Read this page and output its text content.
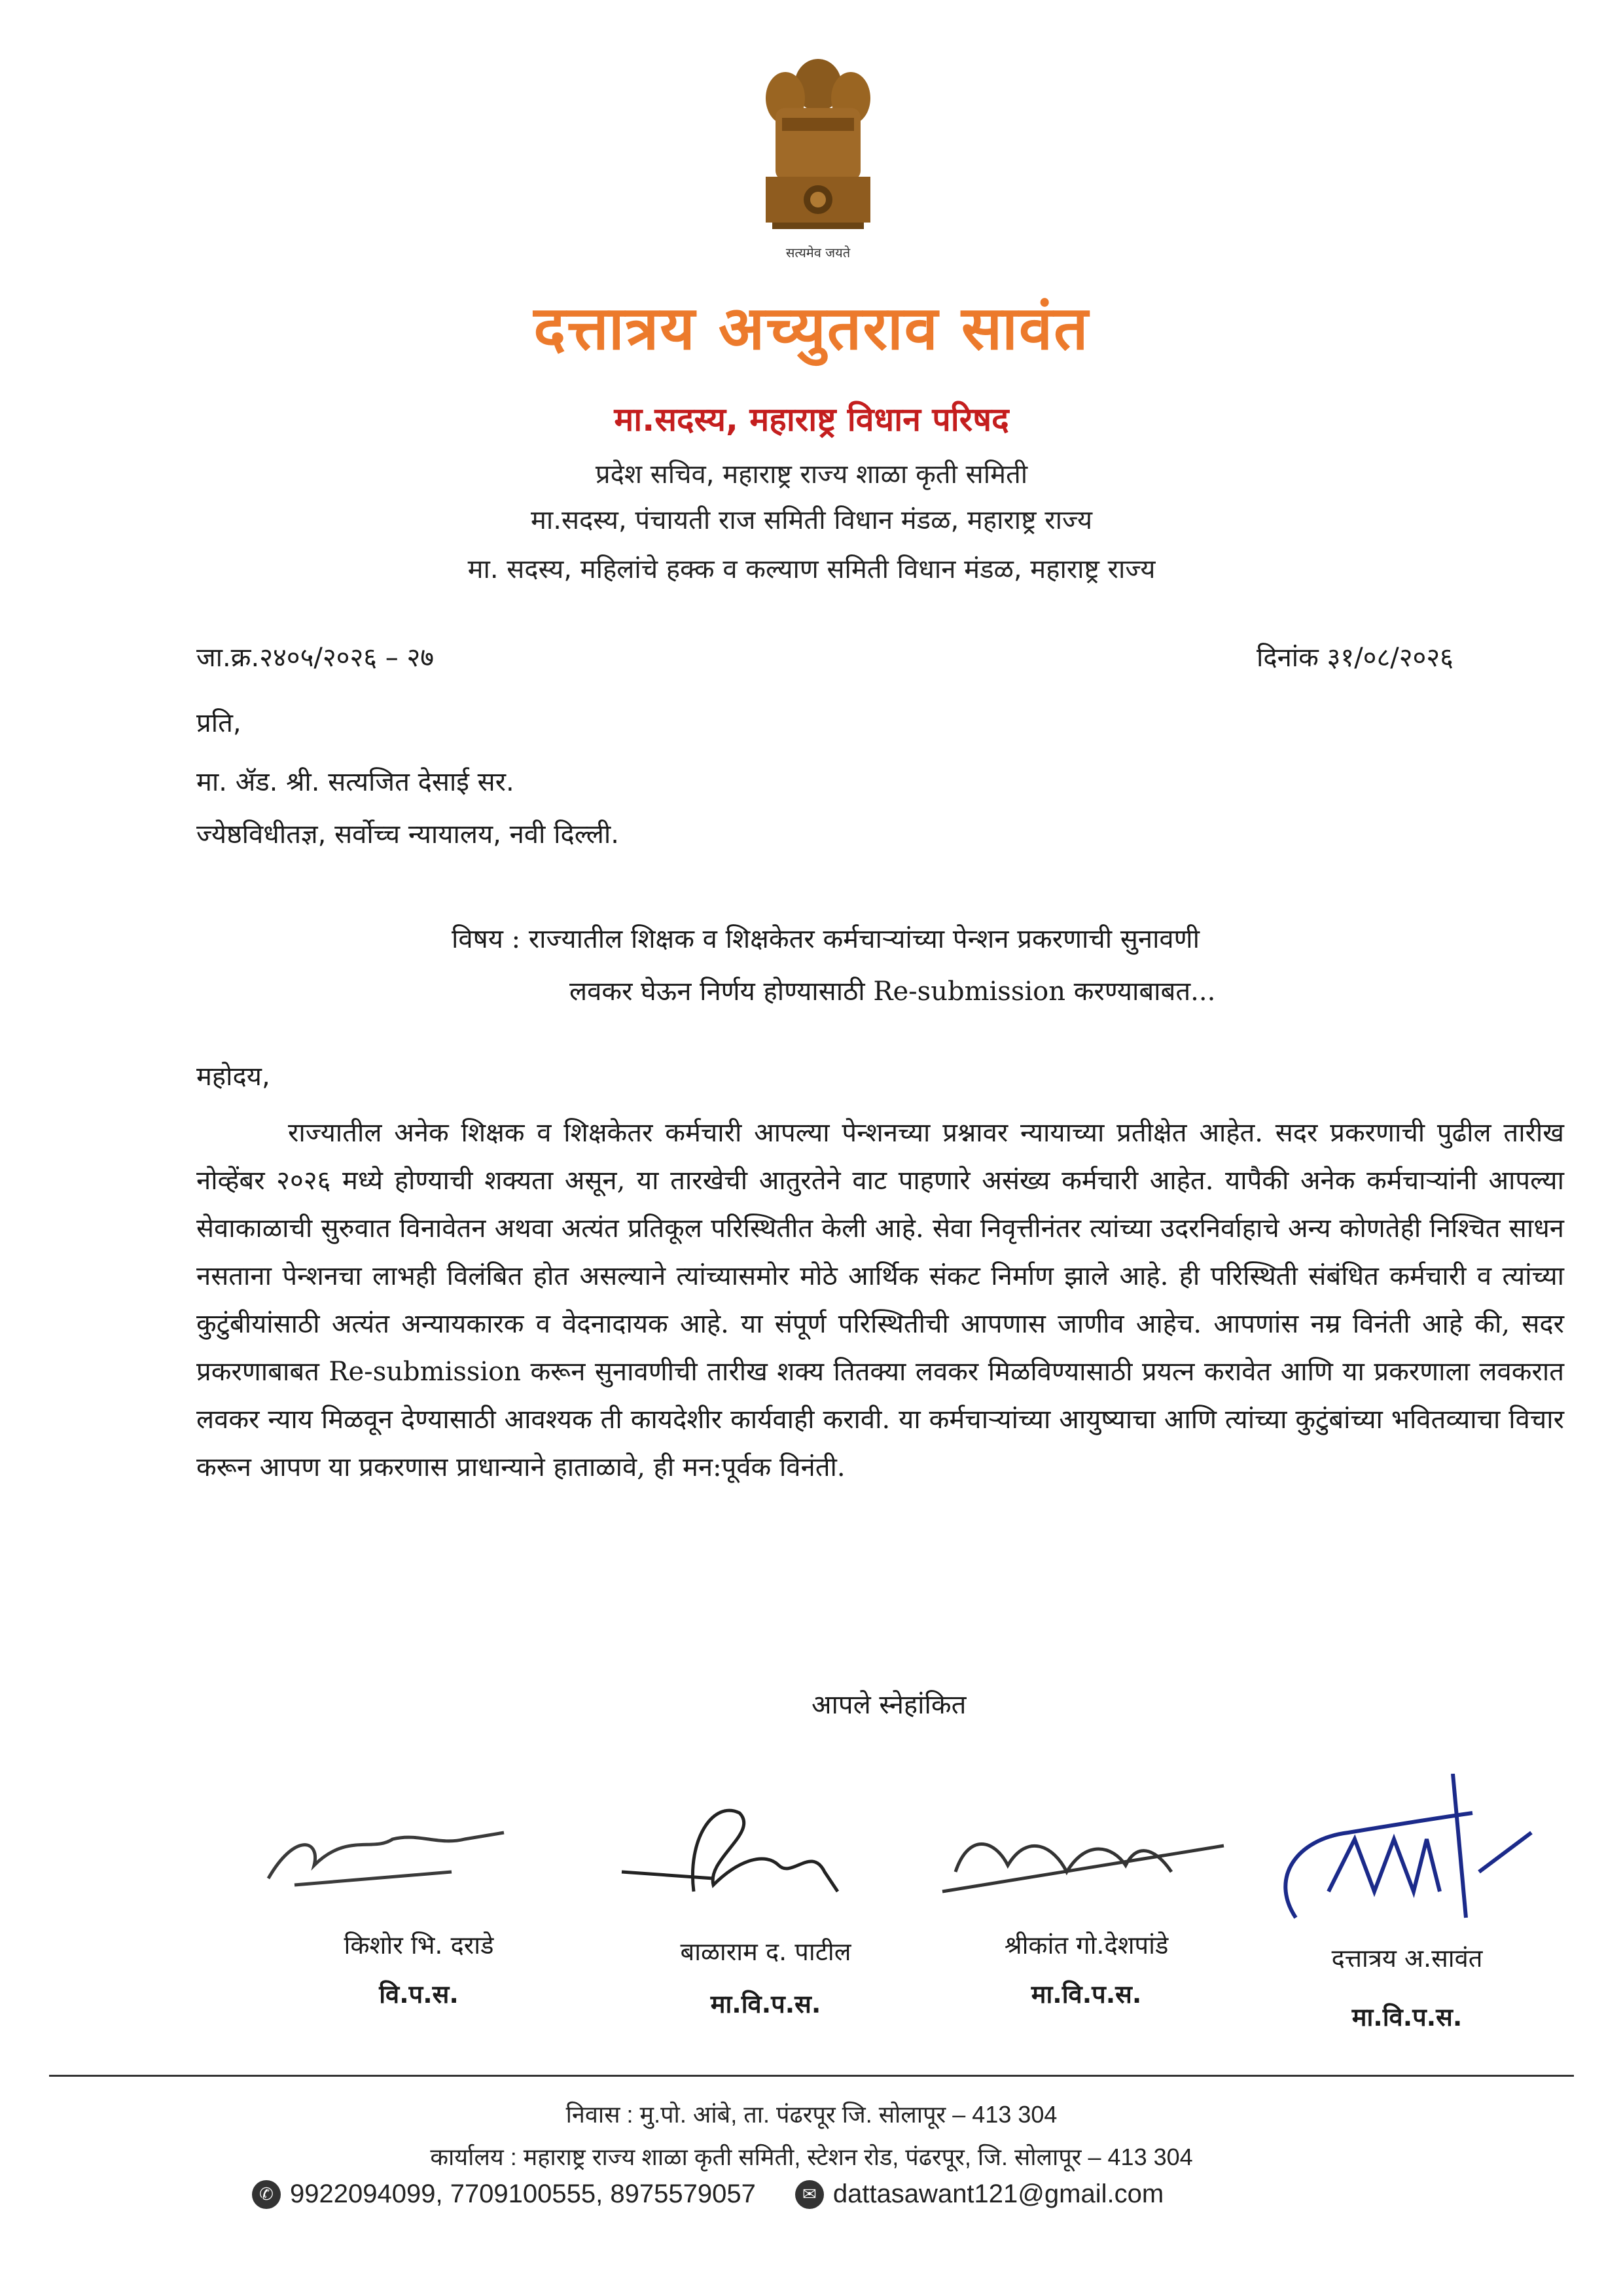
सत्यमेव जयते
दत्तात्रय अच्युतराव सावंत
मा.सदस्य, महाराष्ट्र विधान परिषद
प्रदेश सचिव, महाराष्ट्र राज्य शाळा कृती समिती
मा.सदस्य, पंचायती राज समिती विधान मंडळ, महाराष्ट्र राज्य
मा. सदस्य, महिलांचे हक्क व कल्याण समिती विधान मंडळ, महाराष्ट्र राज्य
जा.क्र.२४०५/२०२६ – २७	दिनांक ३१/०८/२०२६
प्रति,
मा. ॲड. श्री. सत्यजित देसाई सर.
ज्येष्ठविधीतज्ञ, सर्वोच्च न्यायालय, नवी दिल्ली.
विषय : राज्यातील शिक्षक व शिक्षकेतर कर्मचाऱ्यांच्या पेन्शन प्रकरणाची सुनावणी
लवकर घेऊन निर्णय होण्यासाठी Re-submission करण्याबाबत...
महोदय,
राज्यातील अनेक शिक्षक व शिक्षकेतर कर्मचारी आपल्या पेन्शनच्या प्रश्नावर न्यायाच्या प्रतीक्षेत आहेत. सदर प्रकरणाची पुढील तारीख नोव्हेंबर २०२६ मध्ये होण्याची शक्यता असून, या तारखेची आतुरतेने वाट पाहणारे असंख्य कर्मचारी आहेत. यापैकी अनेक कर्मचाऱ्यांनी आपल्या सेवाकाळाची सुरुवात विनावेतन अथवा अत्यंत प्रतिकूल परिस्थितीत केली आहे. सेवा निवृत्तीनंतर त्यांच्या उदरनिर्वाहाचे अन्य कोणतेही निश्चित साधन नसताना पेन्शनचा लाभही विलंबित होत असल्याने त्यांच्यासमोर मोठे आर्थिक संकट निर्माण झाले आहे. ही परिस्थिती संबंधित कर्मचारी व त्यांच्या कुटुंबीयांसाठी अत्यंत अन्यायकारक व वेदनादायक आहे. या संपूर्ण परिस्थितीची आपणास जाणीव आहेच. आपणांस नम्र विनंती आहे की, सदर प्रकरणाबाबत Re-submission करून सुनावणीची तारीख शक्य तितक्या लवकर मिळविण्यासाठी प्रयत्न करावेत आणि या प्रकरणाला लवकरात लवकर न्याय मिळवून देण्यासाठी आवश्यक ती कायदेशीर कार्यवाही करावी. या कर्मचाऱ्यांच्या आयुष्याचा आणि त्यांच्या कुटुंबांच्या भवितव्याचा विचार करून आपण या प्रकरणास प्राधान्याने हाताळावे, ही मन:पूर्वक विनंती.
आपले स्नेहांकित
किशोर भि. दराडे
वि.प.स.
बाळाराम द. पाटील
मा.वि.प.स.
श्रीकांत गो.देशपांडे
मा.वि.प.स.
दत्तात्रय अ.सावंत
मा.वि.प.स.
निवास : मु.पो. आंबे, ता. पंढरपूर जि. सोलापूर – 413 304
कार्यालय : महाराष्ट्र राज्य शाळा कृती समिती, स्टेशन रोड, पंढरपूर, जि. सोलापूर – 413 304
✆ 9922094099, 7709100555, 8975579057	✉ dattasawant121@gmail.com
